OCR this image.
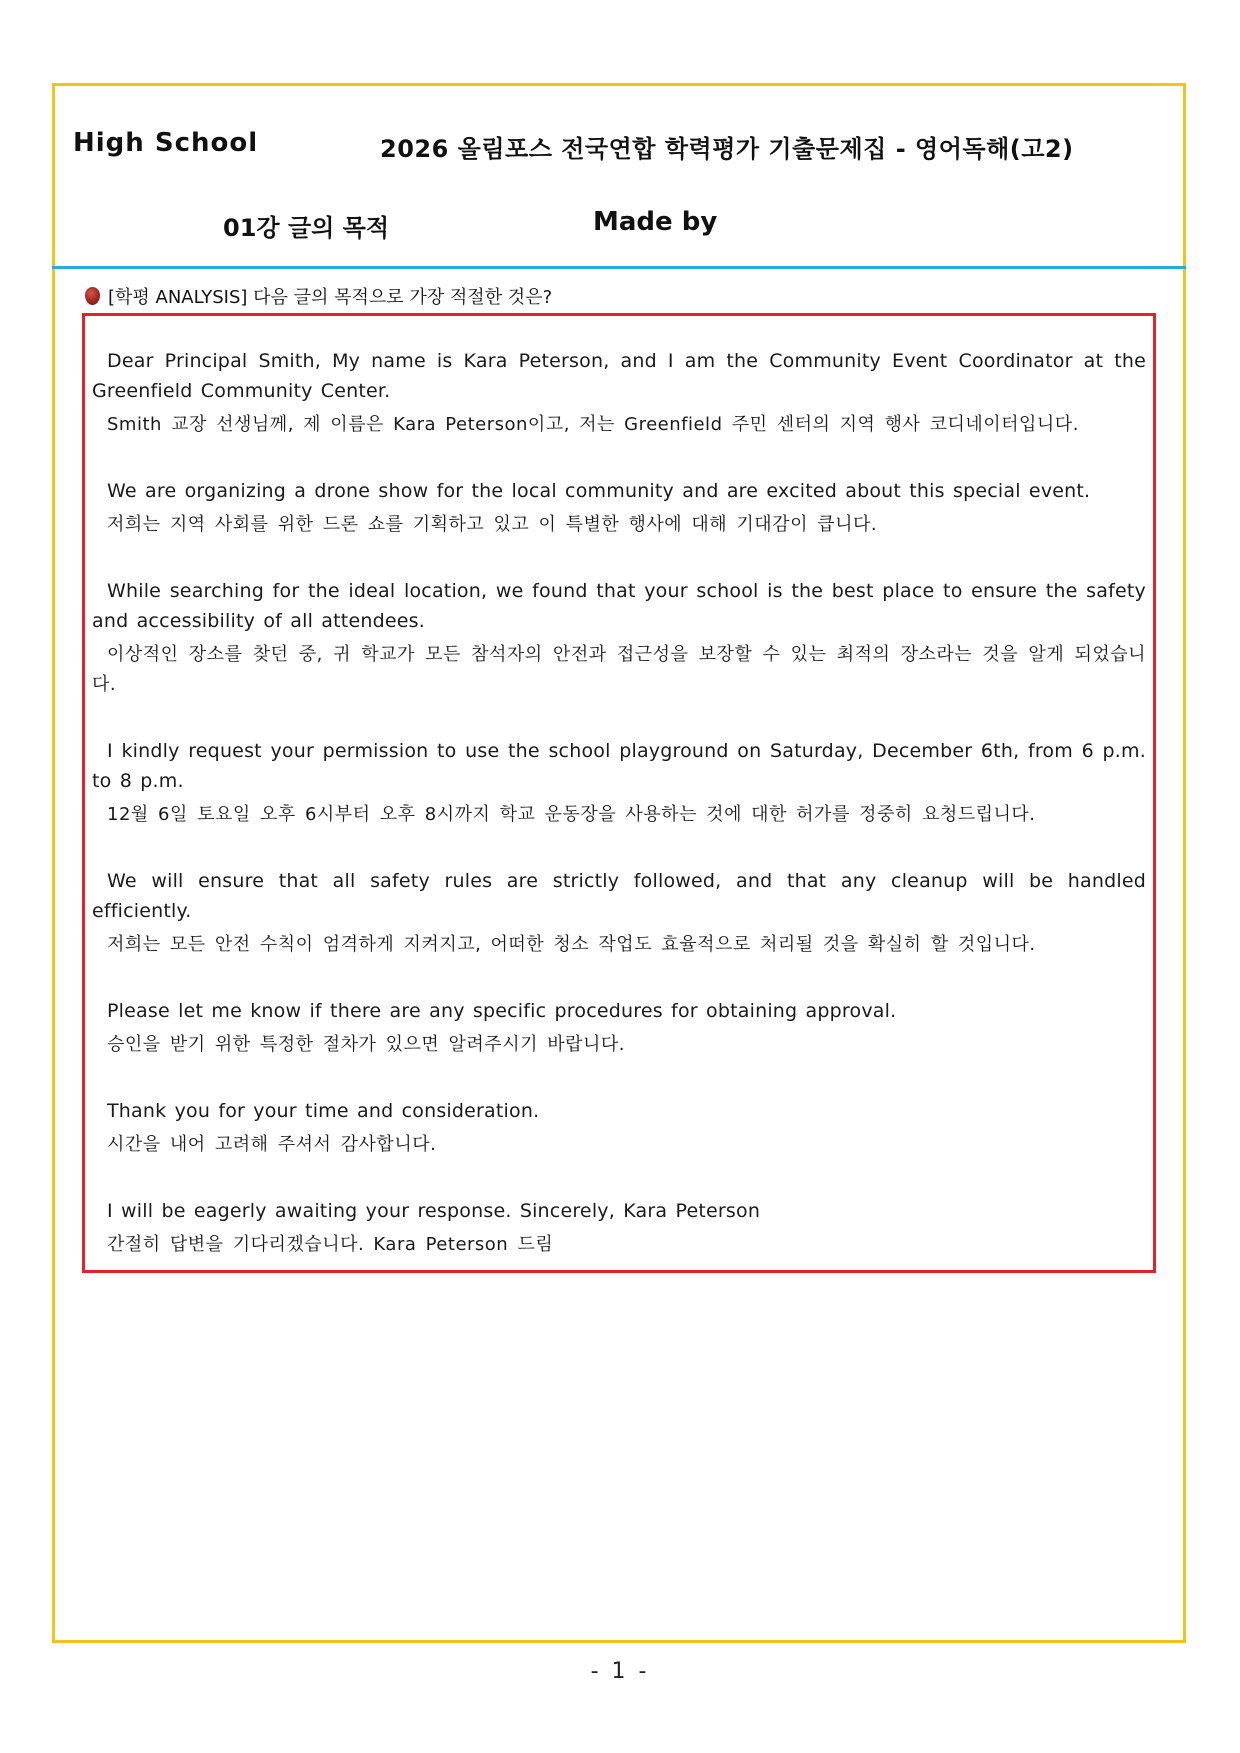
High School	2026 올림포스 전국연합 학력평가 기출문제집 - 영어독해(고2)
01강 글의 목적	Made by
[학평 ANALYSIS] 다음 글의 목적으로 가장 적절한 것은?

Dear Principal Smith, My name is Kara Peterson, and I am the Community Event Coordinator at the Greenfield Community Center.

Smith 교장 선생님께, 제 이름은 Kara Peterson이고, 저는 Greenfield 주민 센터의 지역 행사 코디네이터입니다.

We are organizing a drone show for the local community and are excited about this special event.

저희는 지역 사회를 위한 드론 쇼를 기획하고 있고 이 특별한 행사에 대해 기대감이 큽니다.

While searching for the ideal location, we found that your school is the best place to ensure the safety and accessibility of all attendees.

이상적인 장소를 찾던 중, 귀 학교가 모든 참석자의 안전과 접근성을 보장할 수 있는 최적의 장소라는 것을 알게 되었습니다.

I kindly request your permission to use the school playground on Saturday, December 6th, from 6 p.m. to 8 p.m.

12월 6일 토요일 오후 6시부터 오후 8시까지 학교 운동장을 사용하는 것에 대한 허가를 정중히 요청드립니다.

We will ensure that all safety rules are strictly followed, and that any cleanup will be handled efficiently.

저희는 모든 안전 수칙이 엄격하게 지켜지고, 어떠한 청소 작업도 효율적으로 처리될 것을 확실히 할 것입니다.

Please let me know if there are any specific procedures for obtaining approval.

승인을 받기 위한 특정한 절차가 있으면 알려주시기 바랍니다.

Thank you for your time and consideration.

시간을 내어 고려해 주셔서 감사합니다.

I will be eagerly awaiting your response. Sincerely, Kara Peterson

간절히 답변을 기다리겠습니다. Kara Peterson 드림

- 1 -
